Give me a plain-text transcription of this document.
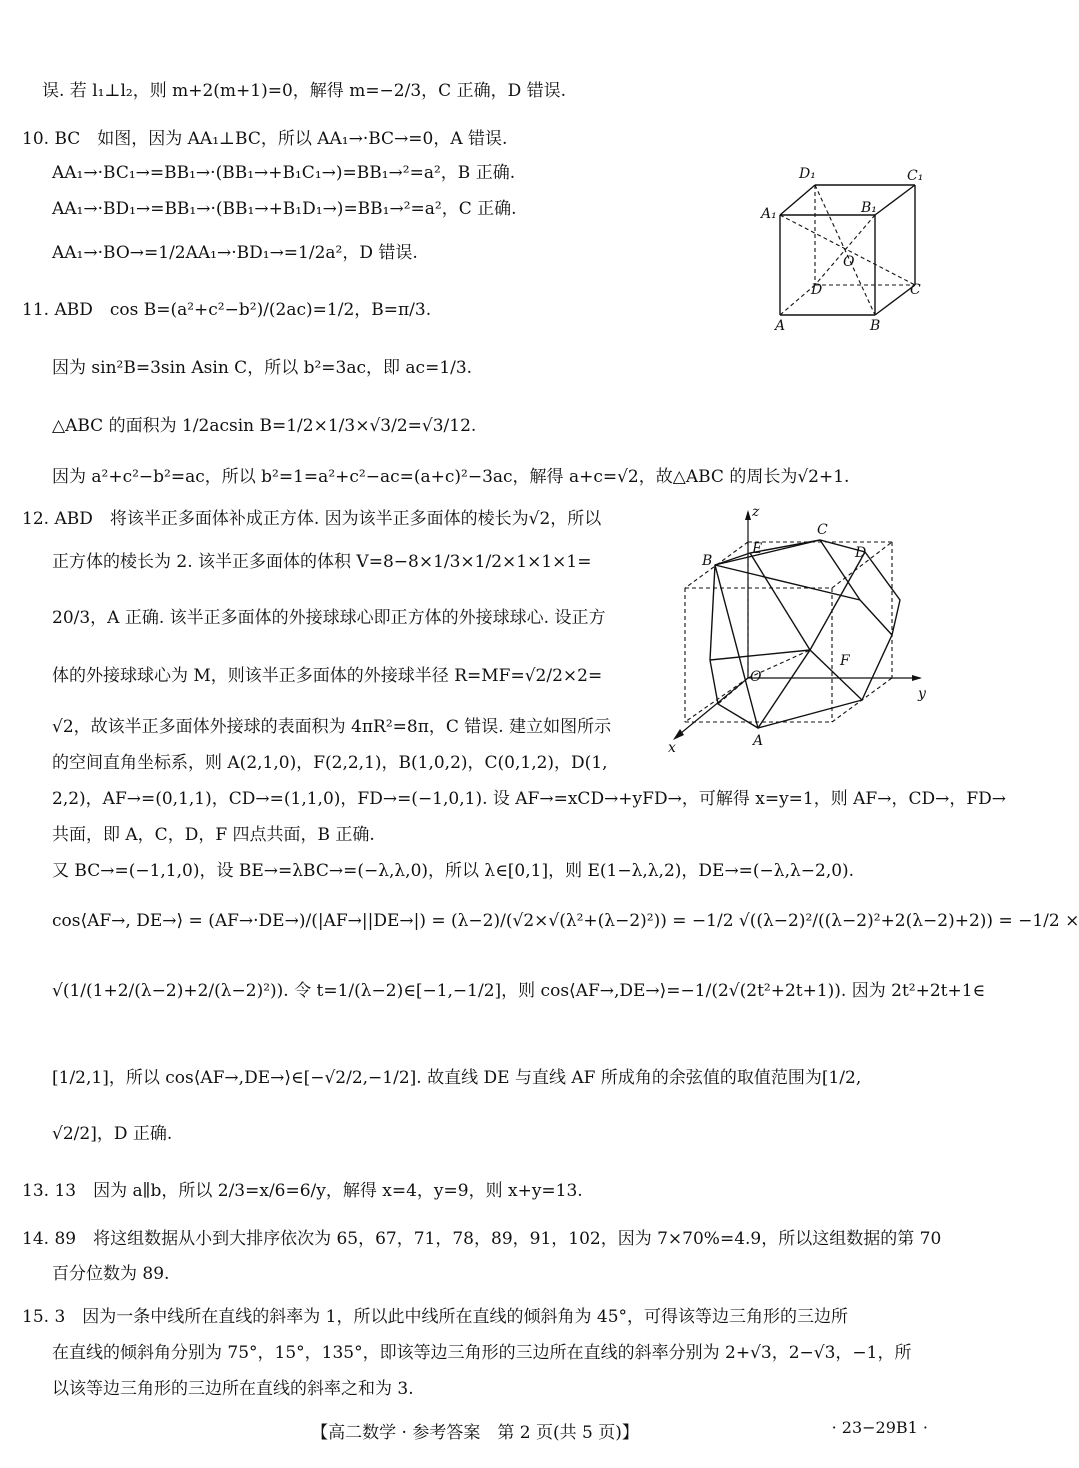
误. 若 l₁⊥l₂，则 m+2(m+1)=0，解得 m=−2/3，C 正确，D 错误.
10. BC　如图，因为 AA₁⊥BC，所以 AA₁→·BC→=0，A 错误.
AA₁→·BC₁→=BB₁→·(BB₁→+B₁C₁→)=BB₁→²=a²，B 正确.
AA₁→·BD₁→=BB₁→·(BB₁→+B₁D₁→)=BB₁→²=a²，C 正确.
AA₁→·BO→=1/2AA₁→·BD₁→=1/2a²，D 错误.
11. ABD　cos B=(a²+c²−b²)/(2ac)=1/2，B=π/3.
因为 sin²B=3sin Asin C，所以 b²=3ac，即 ac=1/3.
△ABC 的面积为 1/2acsin B=1/2×1/3×√3/2=√3/12.
因为 a²+c²−b²=ac，所以 b²=1=a²+c²−ac=(a+c)²−3ac，解得 a+c=√2，故△ABC 的周长为√2+1.
12. ABD　将该半正多面体补成正方体. 因为该半正多面体的棱长为√2，所以
正方体的棱长为 2. 该半正多面体的体积 V=8−8×1/3×1/2×1×1×1=
20/3，A 正确. 该半正多面体的外接球球心即正方体的外接球球心. 设正方
体的外接球球心为 M，则该半正多面体的外接球半径 R=MF=√2/2×2=
√2，故该半正多面体外接球的表面积为 4πR²=8π，C 错误. 建立如图所示
的空间直角坐标系，则 A(2,1,0)，F(2,2,1)，B(1,0,2)，C(0,1,2)，D(1,
2,2)，AF→=(0,1,1)，CD→=(1,1,0)，FD→=(−1,0,1). 设 AF→=xCD→+yFD→，可解得 x=y=1，则 AF→，CD→，FD→
共面，即 A，C，D，F 四点共面，B 正确.
又 BC→=(−1,1,0)，设 BE→=λBC→=(−λ,λ,0)，所以 λ∈[0,1]，则 E(1−λ,λ,2)，DE→=(−λ,λ−2,0).
cos⟨AF→, DE→⟩ = (AF→·DE→)/(|AF→||DE→|) = (λ−2)/(√2×√(λ²+(λ−2)²)) = −1/2 √((λ−2)²/((λ−2)²+2(λ−2)+2)) = −1/2 ×
√(1/(1+2/(λ−2)+2/(λ−2)²)). 令 t=1/(λ−2)∈[−1,−1/2]，则 cos⟨AF→,DE→⟩=−1/(2√(2t²+2t+1)). 因为 2t²+2t+1∈
[1/2,1]，所以 cos⟨AF→,DE→⟩∈[−√2/2,−1/2]. 故直线 DE 与直线 AF 所成角的余弦值的取值范围为[1/2,
√2/2]，D 正确.
13. 13　因为 a∥b，所以 2/3=x/6=6/y，解得 x=4，y=9，则 x+y=13.
14. 89　将这组数据从小到大排序依次为 65，67，71，78，89，91，102，因为 7×70%=4.9，所以这组数据的第 70
百分位数为 89.
15. 3　因为一条中线所在直线的斜率为 1，所以此中线所在直线的倾斜角为 45°，可得该等边三角形的三边所
在直线的倾斜角分别为 75°，15°，135°，即该等边三角形的三边所在直线的斜率分别为 2+√3，2−√3，−1，所
以该等边三角形的三边所在直线的斜率之和为 3.
D₁	C₁
A₁	B₁
O
D	C
A	B
z
C
E	D
B
F
O
y
A
x
【高二数学 · 参考答案　第 2 页(共 5 页)】	· 23−29B1 ·
